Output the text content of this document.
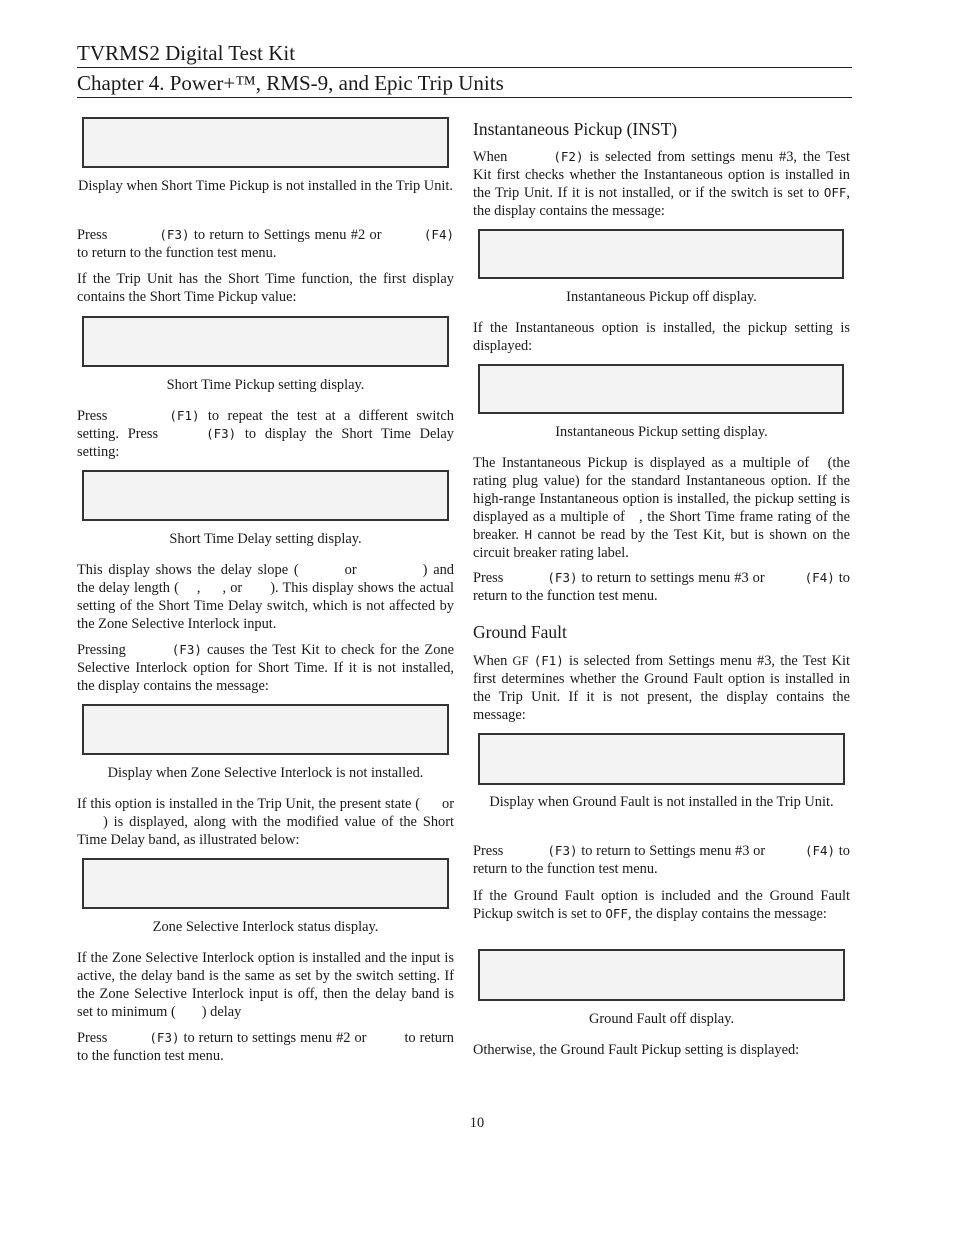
TVRMS2 Digital Test Kit
Chapter 4. Power+™, RMS-9, and Epic Trip Units

Display when Short Time Pickup is not installed in the Trip Unit.

Press	(F3) to return to Settings menu #2 or	(F4) to return to the function test menu.

If the Trip Unit has the Short Time function, the first display contains the Short Time Pickup value:

Short Time Pickup setting display.

Press	(F1) to repeat the test at a different switch setting. Press	(F3) to display the Short Time Delay setting:

Short Time Delay setting display.

This display shows the delay slope (	or	) and the delay length ( , , or ). This display shows the actual setting of the Short Time Delay switch, which is not affected by the Zone Selective Interlock input.

Pressing	(F3) causes the Test Kit to check for the Zone Selective Interlock option for Short Time. If it is not installed, the display contains the message:

Display when Zone Selective Interlock is not installed.

If this option is installed in the Trip Unit, the present state ( or) is displayed, along with the modified value of the Short Time Delay band, as illustrated below:

Zone Selective Interlock status display.

If the Zone Selective Interlock option is installed and the input is active, the delay band is the same as set by the switch setting. If the Zone Selective Interlock input is off, then the delay band is set to minimum ( ) delay

Press	(F3) to return to settings menu #2 or	to return to the function test menu.

Instantaneous Pickup (INST)

When	(F2) is selected from settings menu #3, the Test Kit first checks whether the Instantaneous option is installed in the Trip Unit. If it is not installed, or if the switch is set to OFF, the display contains the message:

Instantaneous Pickup off display.

If the Instantaneous option is installed, the pickup setting is displayed:

Instantaneous Pickup setting display.

The Instantaneous Pickup is displayed as a multiple of (the rating plug value) for the standard Instantaneous option. If the high-range Instantaneous option is installed, the pickup setting is displayed as a multiple of , the Short Time frame rating of the breaker. H cannot be read by the Test Kit, but is shown on the circuit breaker rating label.

Press	(F3) to return to settings menu #3 or	(F4) to return to the function test menu.

Ground Fault

When GF (F1) is selected from Settings menu #3, the Test Kit first determines whether the Ground Fault option is installed in the Trip Unit. If it is not present, the display contains the message:

Display when Ground Fault is not installed in the Trip Unit.

Press	(F3) to return to Settings menu #3 or	(F4) to return to the function test menu.

If the Ground Fault option is included and the Ground Fault Pickup switch is set to OFF, the display contains the message:

Ground Fault off display.

Otherwise, the Ground Fault Pickup setting is displayed:

10
